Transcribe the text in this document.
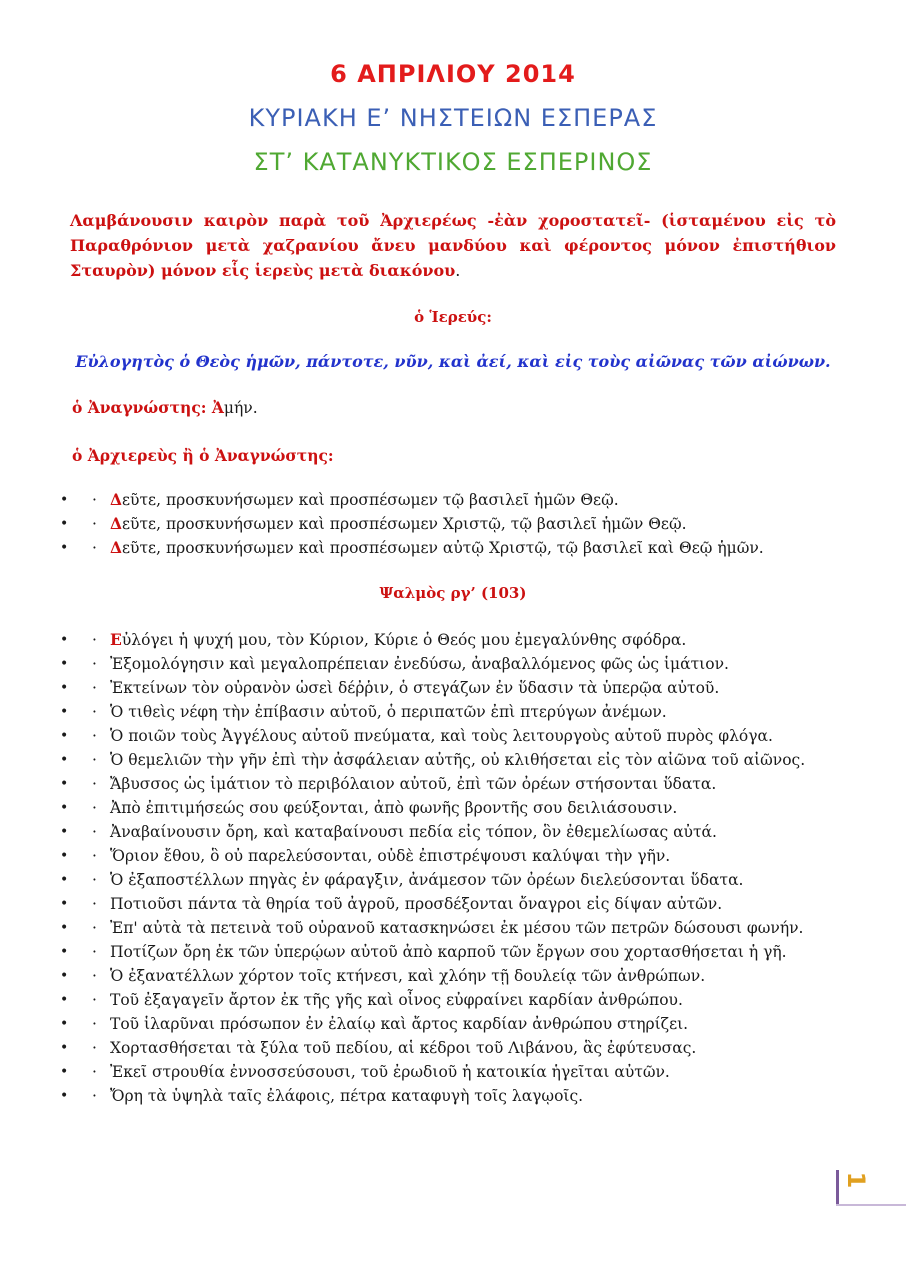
6 ΑΠΡΙΛΙΟΥ 2014
ΚΥΡΙΑΚΗ Ε’ ΝΗΣΤΕΙΩΝ ΕΣΠΕΡΑΣ
ΣΤ’ ΚΑΤΑΝΥΚΤΙΚΟΣ ΕΣΠΕΡΙΝΟΣ
Λαμβάνουσιν καιρὸν παρὰ τοῦ Ἀρχιερέως -ἐὰν χοροστατεῖ- (ἱσταμένου εἰς τὸ Παραθρόνιον μετὰ χαζρανίου ἄνευ μανδύου καὶ φέροντος μόνον ἐπιστήθιον Σταυρὸν) μόνον εἷς ἱερεὺς μετὰ διακόνου.
ὁ Ἱερεύς:
Εὐλογητὸς ὁ Θεὸς ἡμῶν, πάντοτε, νῦν, καὶ ἀεί, καὶ εἰς τοὺς αἰῶνας τῶν αἰώνων.
ὁ Ἀναγνώστης: Ἀμήν.
ὁ Ἀρχιερεὺς ἢ ὁ Ἀναγνώστης:
• · Δεῦτε, προσκυνήσωμεν καὶ προσπέσωμεν τῷ βασιλεῖ ἡμῶν Θεῷ.
• · Δεῦτε, προσκυνήσωμεν καὶ προσπέσωμεν Χριστῷ, τῷ βασιλεῖ ἡμῶν Θεῷ.
• · Δεῦτε, προσκυνήσωμεν καὶ προσπέσωμεν αὐτῷ Χριστῷ, τῷ βασιλεῖ καὶ Θεῷ ἡμῶν.
Ψαλμὸς ργ’ (103)
• · Εὐλόγει ἡ ψυχή μου, τὸν Κύριον, Κύριε ὁ Θεός μου ἐμεγαλύνθης σφόδρα.
• · Ἐξομολόγησιν καὶ μεγαλοπρέπειαν ἐνεδύσω, ἀναβαλλόμενος φῶς ὡς ἱμάτιον.
• · Ἐκτείνων τὸν οὐρανὸν ὡσεὶ δέῤῥιν, ὁ στεγάζων ἐν ὕδασιν τὰ ὑπερῷα αὐτοῦ.
• · Ὁ τιθεὶς νέφη τὴν ἐπίβασιν αὐτοῦ, ὁ περιπατῶν ἐπὶ πτερύγων ἀνέμων.
• · Ὁ ποιῶν τοὺς Ἀγγέλους αὐτοῦ πνεύματα, καὶ τοὺς λειτουργοὺς αὐτοῦ πυρὸς φλόγα.
• · Ὁ θεμελιῶν τὴν γῆν ἐπὶ τὴν ἀσφάλειαν αὐτῆς, οὐ κλιθήσεται εἰς τὸν αἰῶνα τοῦ αἰῶνος.
• · Ἄβυσσος ὡς ἱμάτιον τὸ περιβόλαιον αὐτοῦ, ἐπὶ τῶν ὀρέων στήσονται ὕδατα.
• · Ἀπὸ ἐπιτιμήσεώς σου φεύξονται, ἀπὸ φωνῆς βροντῆς σου δειλιάσουσιν.
• · Ἀναβαίνουσιν ὄρη, καὶ καταβαίνουσι πεδία εἰς τόπον, ὃν ἐθεμελίωσας αὐτά.
• · Ὅριον ἔθου, ὃ οὐ παρελεύσονται, οὐδὲ ἐπιστρέψουσι καλύψαι τὴν γῆν.
• · Ὁ ἐξαποστέλλων πηγὰς ἐν φάραγξιν, ἀνάμεσον τῶν ὀρέων διελεύσονται ὕδατα.
• · Ποτιοῦσι πάντα τὰ θηρία τοῦ ἀγροῦ, προσδέξονται ὄναγροι εἰς δίψαν αὐτῶν.
• · Ἐπ' αὐτὰ τὰ πετεινὰ τοῦ οὐρανοῦ κατασκηνώσει ἐκ μέσου τῶν πετρῶν δώσουσι φωνήν.
• · Ποτίζων ὄρη ἐκ τῶν ὑπερῴων αὐτοῦ ἀπὸ καρποῦ τῶν ἔργων σου χορτασθήσεται ἡ γῆ.
• · Ὁ ἐξανατέλλων χόρτον τοῖς κτήνεσι, καὶ χλόην τῇ δουλείᾳ τῶν ἀνθρώπων.
• · Τοῦ ἐξαγαγεῖν ἄρτον ἐκ τῆς γῆς καὶ οἶνος εὐφραίνει καρδίαν ἀνθρώπου.
• · Τοῦ ἱλαρῦναι πρόσωπον ἐν ἐλαίῳ καὶ ἄρτος καρδίαν ἀνθρώπου στηρίζει.
• · Χορτασθήσεται τὰ ξύλα τοῦ πεδίου, αἱ κέδροι τοῦ Λιβάνου, ἃς ἐφύτευσας.
• · Ἐκεῖ στρουθία ἐννοσσεύσουσι, τοῦ ἐρωδιοῦ ἡ κατοικία ἡγεῖται αὐτῶν.
• · Ὄρη τὰ ὑψηλὰ ταῖς ἐλάφοις, πέτρα καταφυγὴ τοῖς λαγῳοῖς.
1
